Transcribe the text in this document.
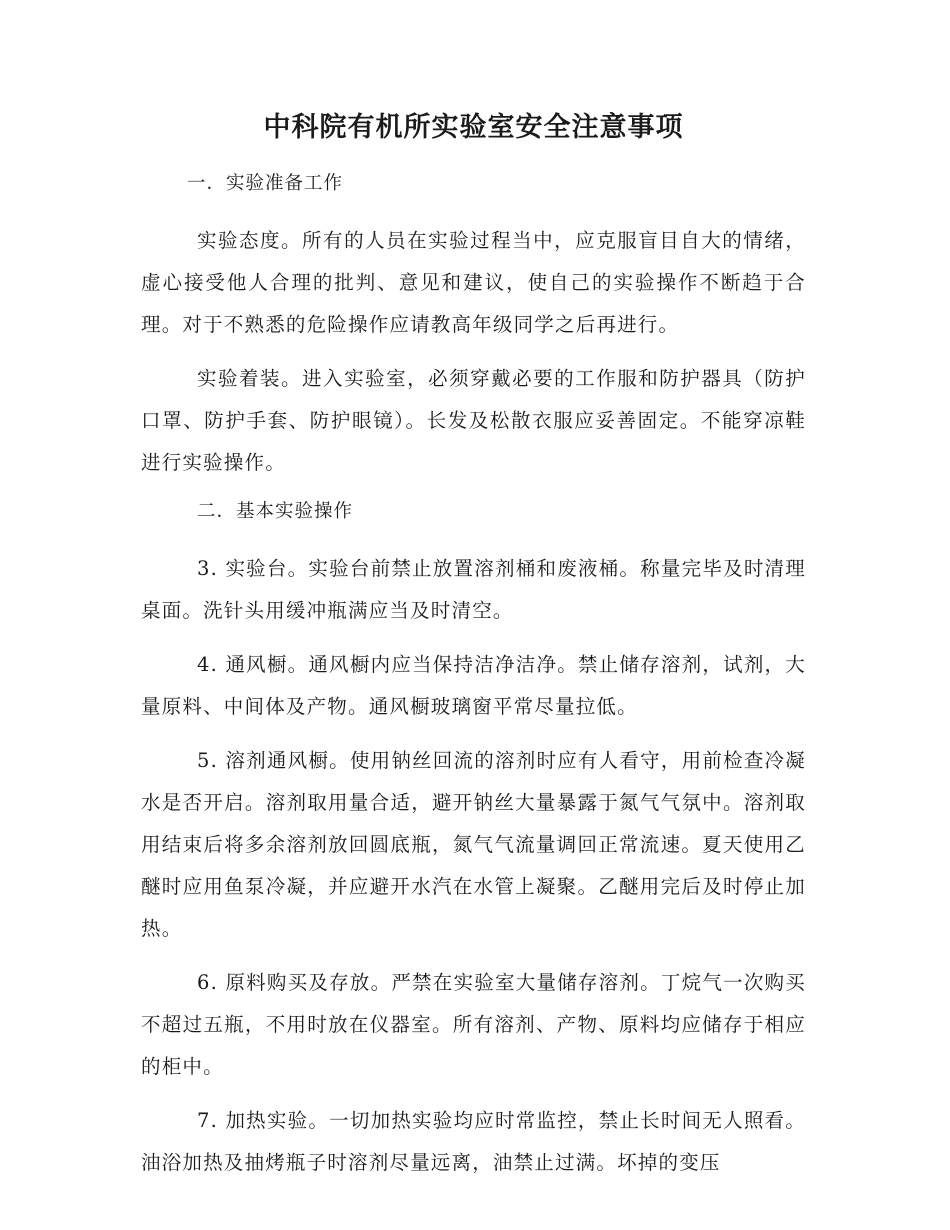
中科院有机所实验室安全注意事项

一．实验准备工作

实验态度。所有的人员在实验过程当中，应克服盲目自大的情绪，虚心接受他人合理的批判、意见和建议，使自己的实验操作不断趋于合理。对于不熟悉的危险操作应请教高年级同学之后再进行。

实验着装。进入实验室，必须穿戴必要的工作服和防护器具（防护口罩、防护手套、防护眼镜）。长发及松散衣服应妥善固定。不能穿凉鞋进行实验操作。

二．基本实验操作

3. 实验台。实验台前禁止放置溶剂桶和废液桶。称量完毕及时清理桌面。洗针头用缓冲瓶满应当及时清空。

4. 通风橱。通风橱内应当保持洁净洁净。禁止储存溶剂，试剂，大量原料、中间体及产物。通风橱玻璃窗平常尽量拉低。

5. 溶剂通风橱。使用钠丝回流的溶剂时应有人看守，用前检查冷凝水是否开启。溶剂取用量合适，避开钠丝大量暴露于氮气气氛中。溶剂取用结束后将多余溶剂放回圆底瓶，氮气气流量调回正常流速。夏天使用乙醚时应用鱼泵冷凝，并应避开水汽在水管上凝聚。乙醚用完后及时停止加热。

6. 原料购买及存放。严禁在实验室大量储存溶剂。丁烷气一次购买不超过五瓶，不用时放在仪器室。所有溶剂、产物、原料均应储存于相应的柜中。

7. 加热实验。一切加热实验均应时常监控，禁止长时间无人照看。油浴加热及抽烤瓶子时溶剂尽量远离，油禁止过满。坏掉的变压
